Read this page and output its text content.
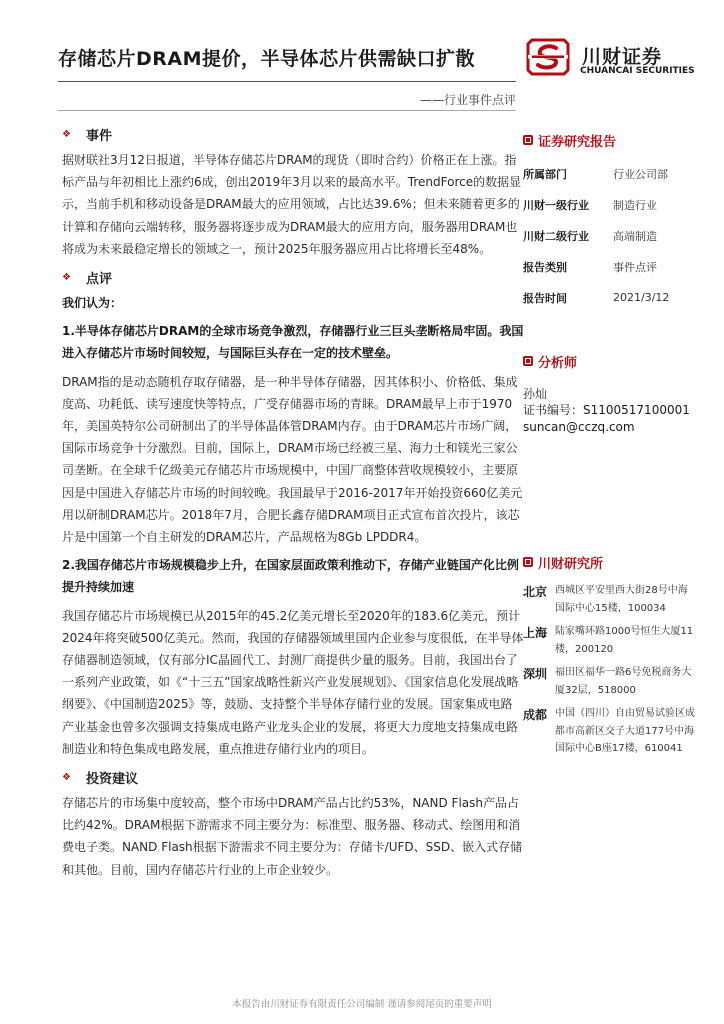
存储芯片DRAM提价，半导体芯片供需缺口扩散	川财证券
CHUANCAI SECURITIES
——行业事件点评
❖	事件

据财联社3月12日报道，半导体存储芯片DRAM的现货（即时合约）价格正在上涨。指标产品与年初相比上涨约6成，创出2019年3月以来的最高水平。TrendForce的数据显示，当前手机和移动设备是DRAM最大的应用领域，占比达39.6%；但未来随着更多的计算和存储向云端转移，服务器将逐步成为DRAM最大的应用方向，服务器用DRAM也将成为未来最稳定增长的领域之一，预计2025年服务器应用占比将增长至48%。

❖	点评

我们认为：

1.半导体存储芯片DRAM的全球市场竞争激烈，存储器行业三巨头垄断格局牢固。我国进入存储芯片市场时间较短，与国际巨头存在一定的技术壁垒。

DRAM指的是动态随机存取存储器，是一种半导体存储器，因其体积小、价格低、集成度高、功耗低、读写速度快等特点，广受存储器市场的青睐。DRAM最早上市于1970年，美国英特尔公司研制出了的半导体晶体管DRAM内存。由于DRAM芯片市场广阔，国际市场竞争十分激烈。目前，国际上，DRAM市场已经被三星、海力士和镁光三家公司垄断。在全球千亿级美元存储芯片市场规模中，中国厂商整体营收规模较小，主要原因是中国进入存储芯片市场的时间较晚。我国最早于2016-2017年开始投资660亿美元用以研制DRAM芯片。2018年7月，合肥长鑫存储DRAM项目正式宣布首次投片，该芯片是中国第一个自主研发的DRAM芯片，产品规格为8Gb LPDDR4。

2.我国存储芯片市场规模稳步上升，在国家层面政策利推动下，存储产业链国产化比例提升持续加速

我国存储芯片市场规模已从2015年的45.2亿美元增长至2020年的183.6亿美元，预计2024年将突破500亿美元。然而，我国的存储器领域里国内企业参与度很低，在半导体存储器制造领域，仅有部分IC晶圆代工、封测厂商提供少量的服务。目前，我国出台了一系列产业政策，如《“十三五”国家战略性新兴产业发展规划》、《国家信息化发展战略纲要》、《中国制造2025》等，鼓励、支持整个半导体存储行业的发展。国家集成电路产业基金也曾多次强调支持集成电路产业龙头企业的发展，将更大力度地支持集成电路制造业和特色集成电路发展，重点推进存储行业内的项目。

❖	投资建议

存储芯片的市场集中度较高，整个市场中DRAM产品占比约53%，NAND Flash产品占比约42%。DRAM根据下游需求不同主要分为：标准型、服务器、移动式、绘图用和消费电子类。NAND Flash根据下游需求不同主要分为：存储卡/UFD、SSD、嵌入式存储和其他。目前，国内存储芯片行业的上市企业较少。

证券研究报告
所属部门	行业公司部
川财一级行业	制造行业
川财二级行业	高端制造
报告类别	事件点评
报告时间	2021/3/12
分析师
孙灿
证书编号：S1100517100001
suncan@cczq.com
川财研究所
北京 西城区平安里西大街28号中海国际中心15楼，100034
上海 陆家嘴环路1000号恒生大厦11楼，200120
深圳 福田区福华一路6号免税商务大厦32层，518000
成都 中国（四川）自由贸易试验区成都市高新区交子大道177号中海国际中心B座17楼，610041
本报告由川财证券有限责任公司编制 谨请参阅尾页的重要声明
